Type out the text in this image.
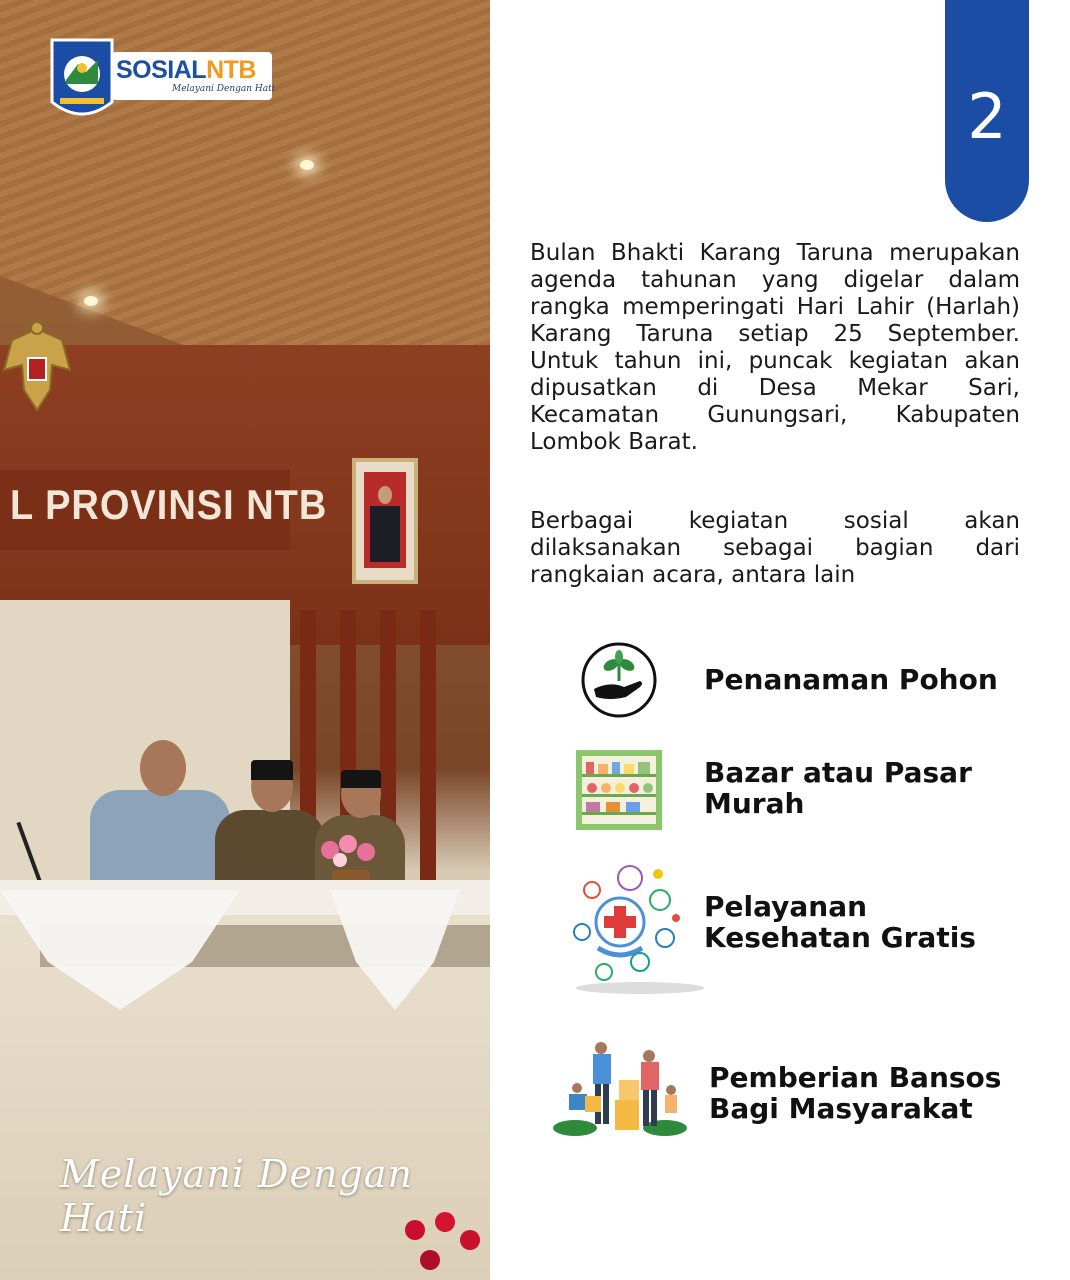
L PROVINSI NTB
Melayani Dengan Hati
SOSIALNTB
Melayani Dengan Hati	2

Bulan Bhakti Karang Taruna merupakan agenda tahunan yang digelar dalam rangka memperingati Hari Lahir (Harlah) Karang Taruna setiap 25 September. Untuk tahun ini, puncak kegiatan akan dipusatkan di Desa Mekar Sari, Kecamatan Gunungsari, Kabupaten Lombok Barat.

Berbagai kegiatan sosial akan dilaksanakan sebagai bagian dari rangkaian acara, antara lain

Penanaman Pohon
Bazar atau Pasar
Murah
Pelayanan
Kesehatan Gratis
Pemberian Bansos
Bagi Masyarakat
